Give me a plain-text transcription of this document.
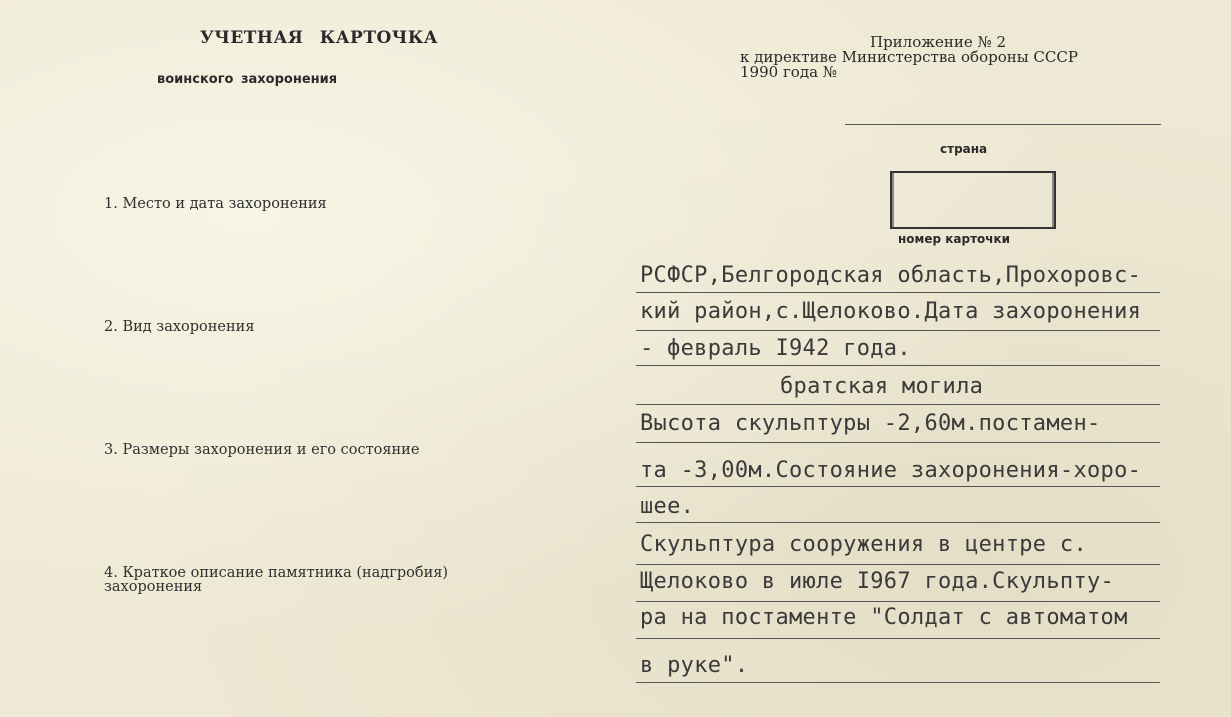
УЧЕТНАЯ КАРТОЧКА
воинского захоронения
Приложение № 2
к директиве Министерства обороны СССР
1990 года №
страна
номер карточки
1. Место и дата захоронения
2. Вид захоронения
3. Размеры захоронения и его состояние
4. Краткое описание памятника (надгробия)
захоронения
РСФСР,Белгородская область,Прохоровс-
кий район,с.Щелоково.Дата захоронения
- февраль I942 года.
братская могила
Высота скульптуры -2,60м.постамен-
та -3,00м.Состояние захоронения-хоро-
шее.
Скульптура сооружения в центре с.
Щелоково в июле I967 года.Скульпту-
ра на постаменте "Солдат с автоматом
в руке".
